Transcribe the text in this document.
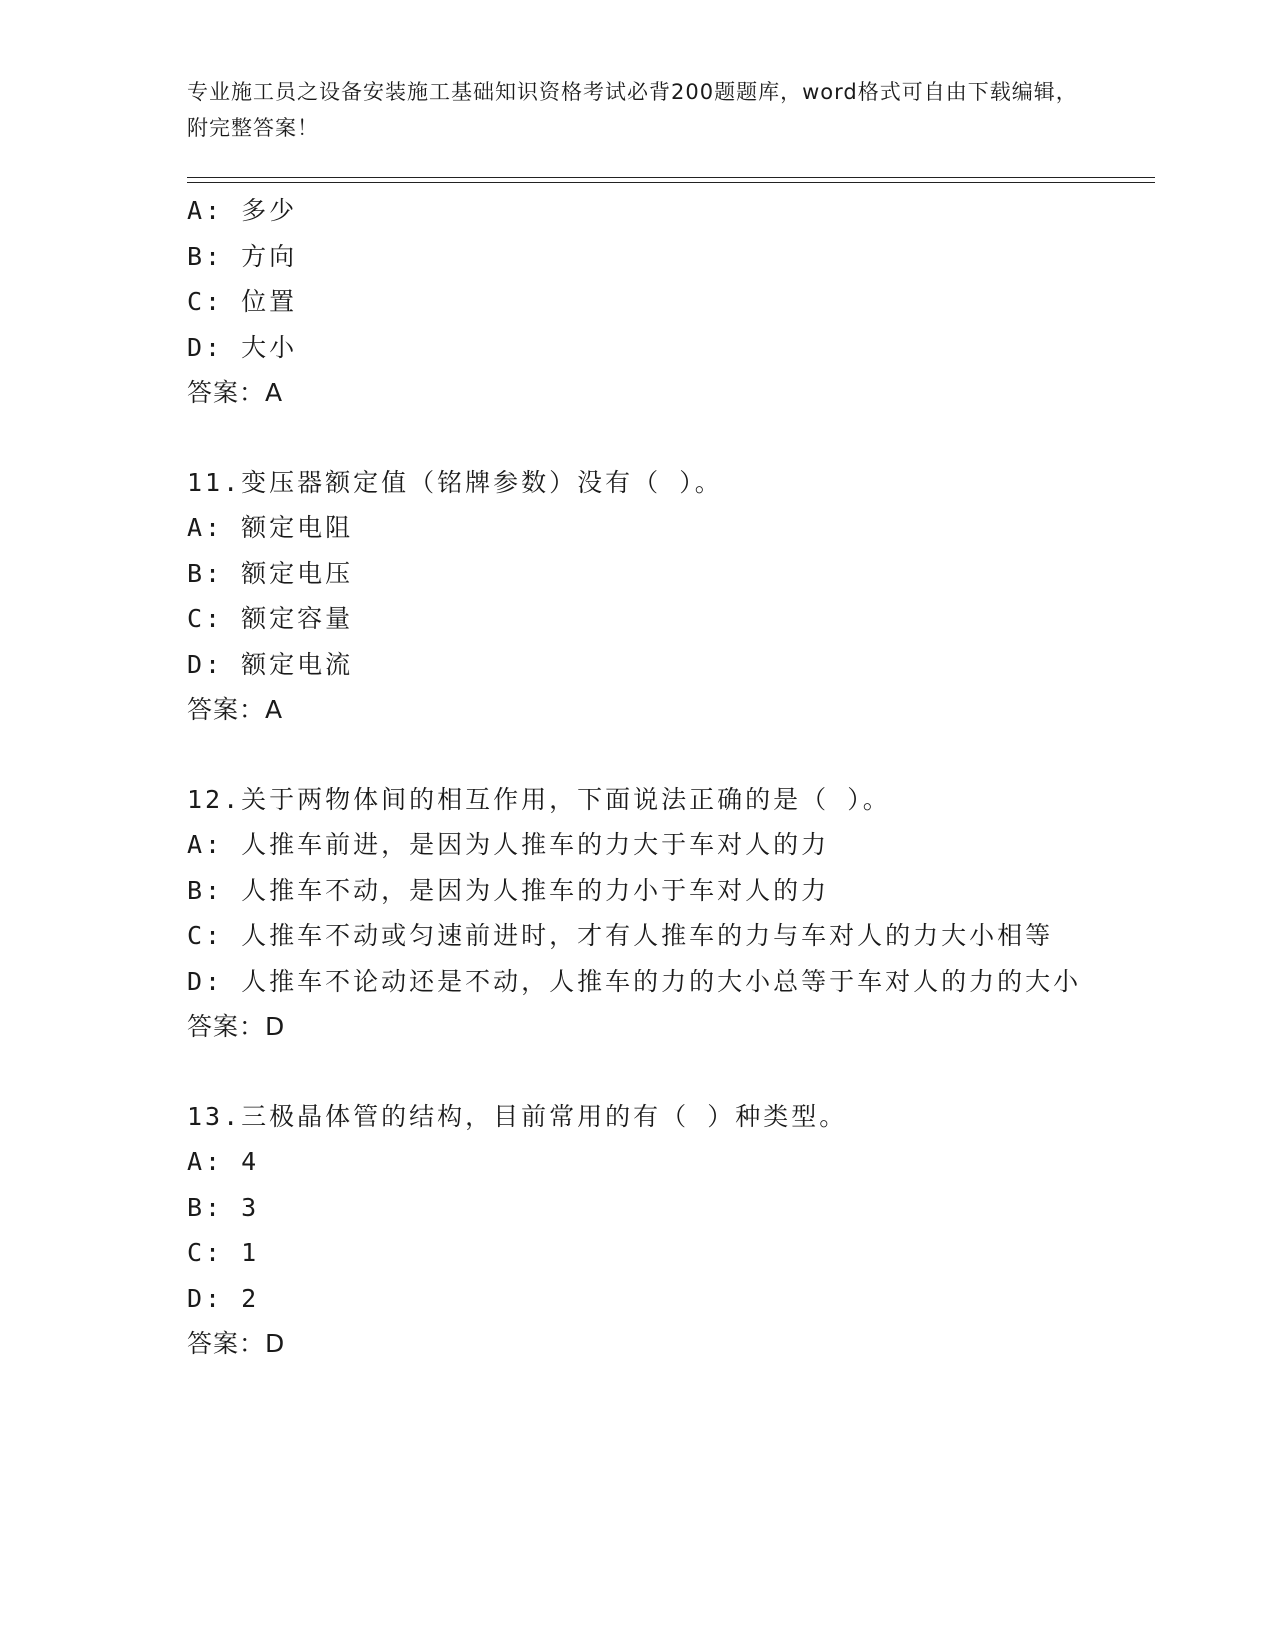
专业施工员之设备安装施工基础知识资格考试必背200题题库，word格式可自由下载编辑，附完整答案！
A: 多少
B: 方向
C: 位置
D: 大小
答案：A
11.变压器额定值（铭牌参数）没有（ ）。
A: 额定电阻
B: 额定电压
C: 额定容量
D: 额定电流
答案：A
12.关于两物体间的相互作用，下面说法正确的是（ ）。
A: 人推车前进，是因为人推车的力大于车对人的力
B: 人推车不动，是因为人推车的力小于车对人的力
C: 人推车不动或匀速前进时，才有人推车的力与车对人的力大小相等
D: 人推车不论动还是不动，人推车的力的大小总等于车对人的力的大小
答案：D
13.三极晶体管的结构，目前常用的有（ ）种类型。
A: 4
B: 3
C: 1
D: 2
答案：D
